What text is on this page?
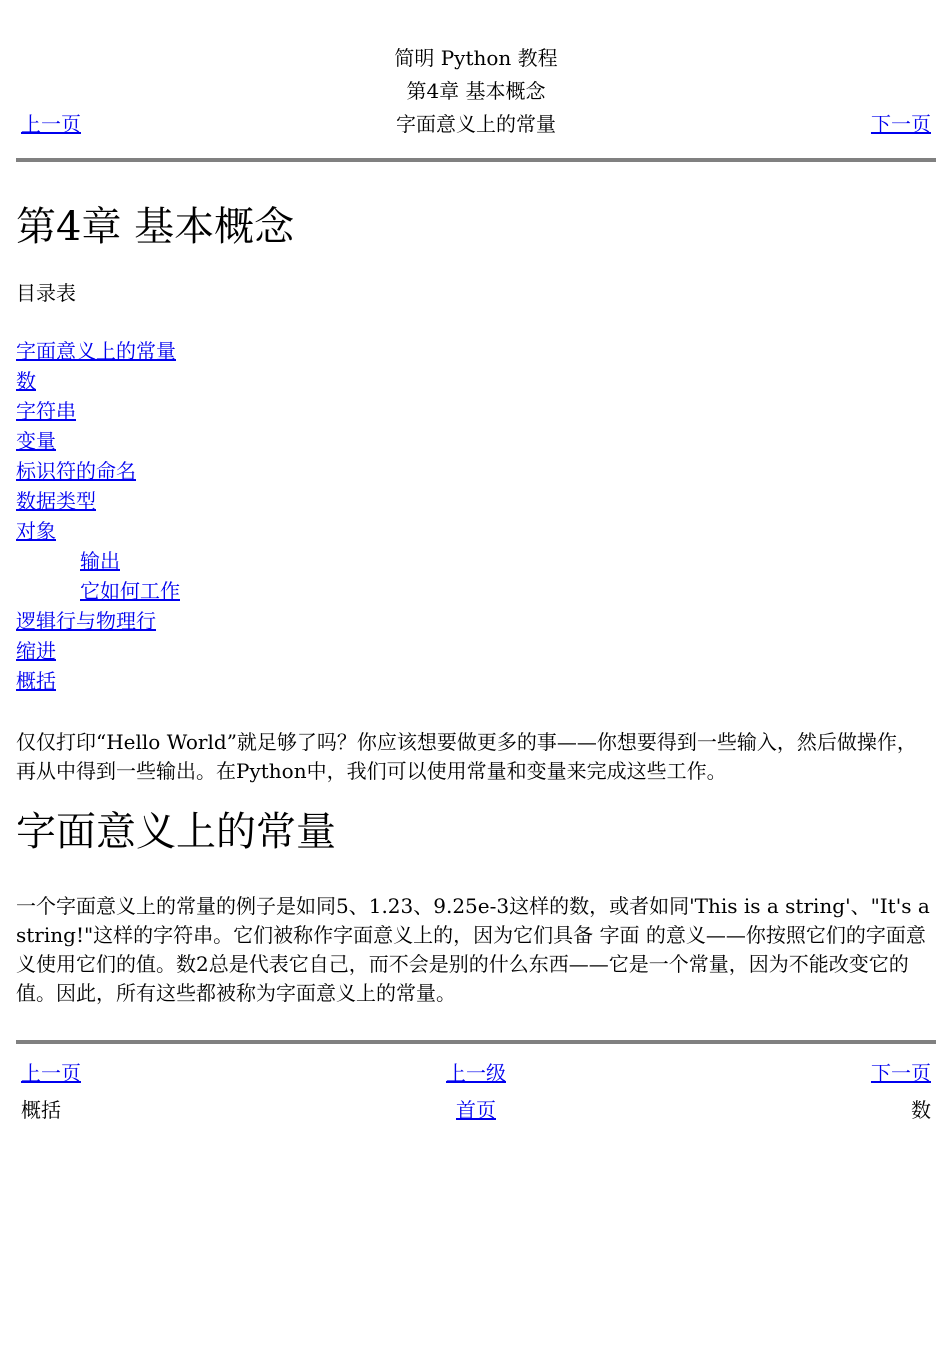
简明 Python 教程
第4章 基本概念
上一页	字面意义上的常量	下一页
第4章 基本概念
目录表
字面意义上的常量
数
字符串
变量
标识符的命名
数据类型
对象
输出
它如何工作
逻辑行与物理行
缩进
概括

仅仅打印“Hello World”就足够了吗？你应该想要做更多的事——你想要得到一些输入，然后做操作，再从中得到一些输出。在Python中，我们可以使用常量和变量来完成这些工作。

字面意义上的常量

一个字面意义上的常量的例子是如同5、1.23、9.25e-3这样的数，或者如同'This is a string'、"It's a string!"这样的字符串。它们被称作字面意义上的，因为它们具备 字面 的意义——你按照它们的字面意义使用它们的值。数2总是代表它自己，而不会是别的什么东西——它是一个常量，因为不能改变它的值。因此，所有这些都被称为字面意义上的常量。

上一页	上一级	下一页
概括	首页	数
